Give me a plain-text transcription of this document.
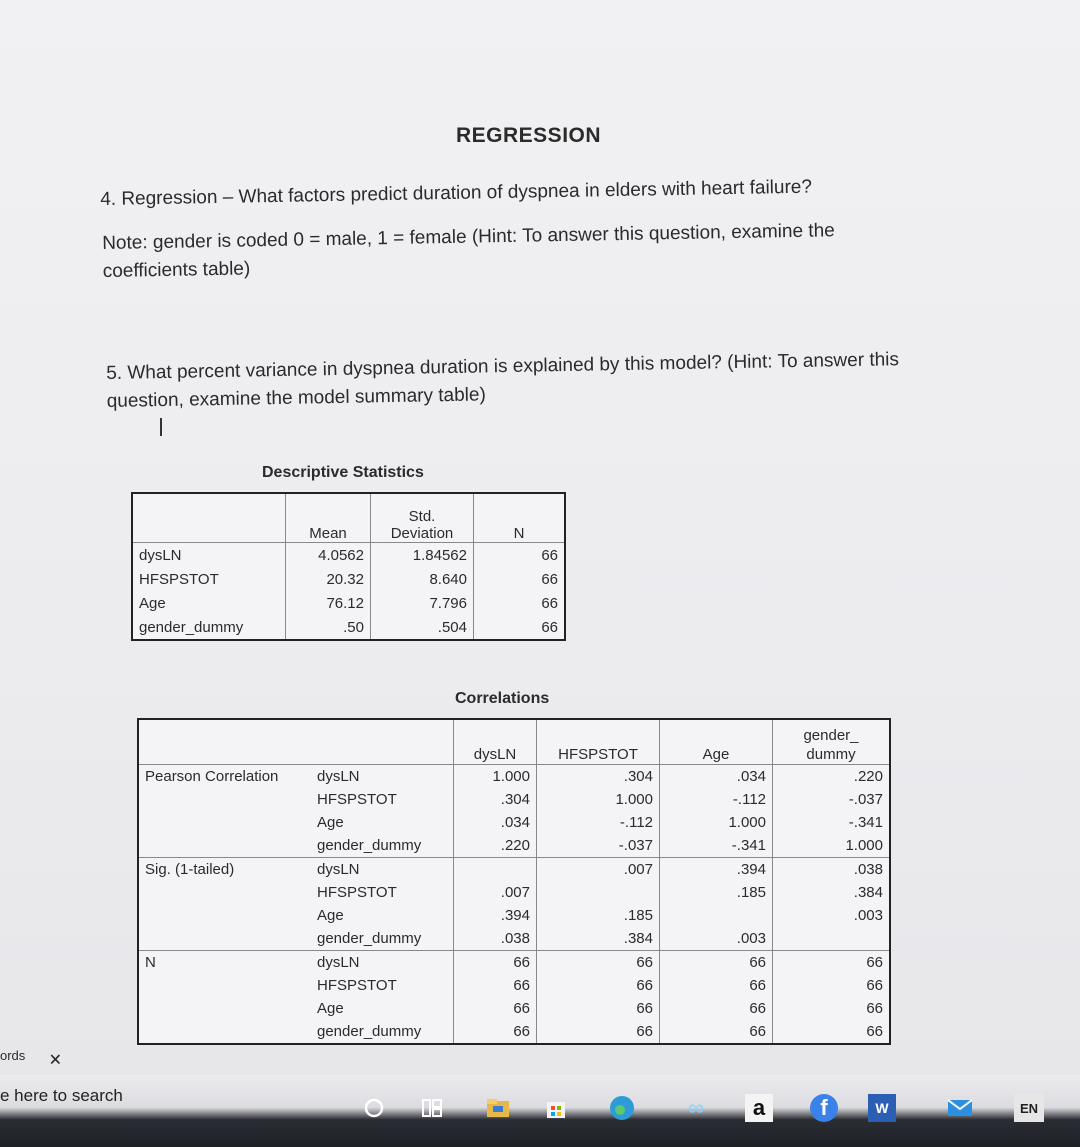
REGRESSION
4. Regression – What factors predict duration of dyspnea in elders with heart failure?
Note: gender is coded 0 = male, 1 = female (Hint: To answer this question, examine the
coefficients table)
5. What percent variance in dyspnea duration is explained by this model? (Hint: To answer this
question, examine the model summary table)
Descriptive Statistics
	Mean	Std.
Deviation	N
dysLN	4.0562	1.84562	66
HFSPSTOT	20.32	8.640	66
Age	76.12	7.796	66
gender_dummy	.50	.504	66
Correlations
		dysLN	HFSPSTOT	Age	gender_
dummy

Pearson Correlation	dysLN	1.000	.304	.034	.220
	HFSPSTOT	.304	1.000	-.112	-.037
	Age	.034	-.112	1.000	-.341
	gender_dummy	.220	-.037	-.341	1.000
Sig. (1-tailed)	dysLN		.007	.394	.038
	HFSPSTOT	.007		.185	.384
	Age	.394	.185		.003
	gender_dummy	.038	.384	.003	
N	dysLN	66	66	66	66
	HFSPSTOT	66	66	66	66
	Age	66	66	66	66
	gender_dummy	66	66	66	66
ords 🗙
e here to search	∞	a	f	W	EN
